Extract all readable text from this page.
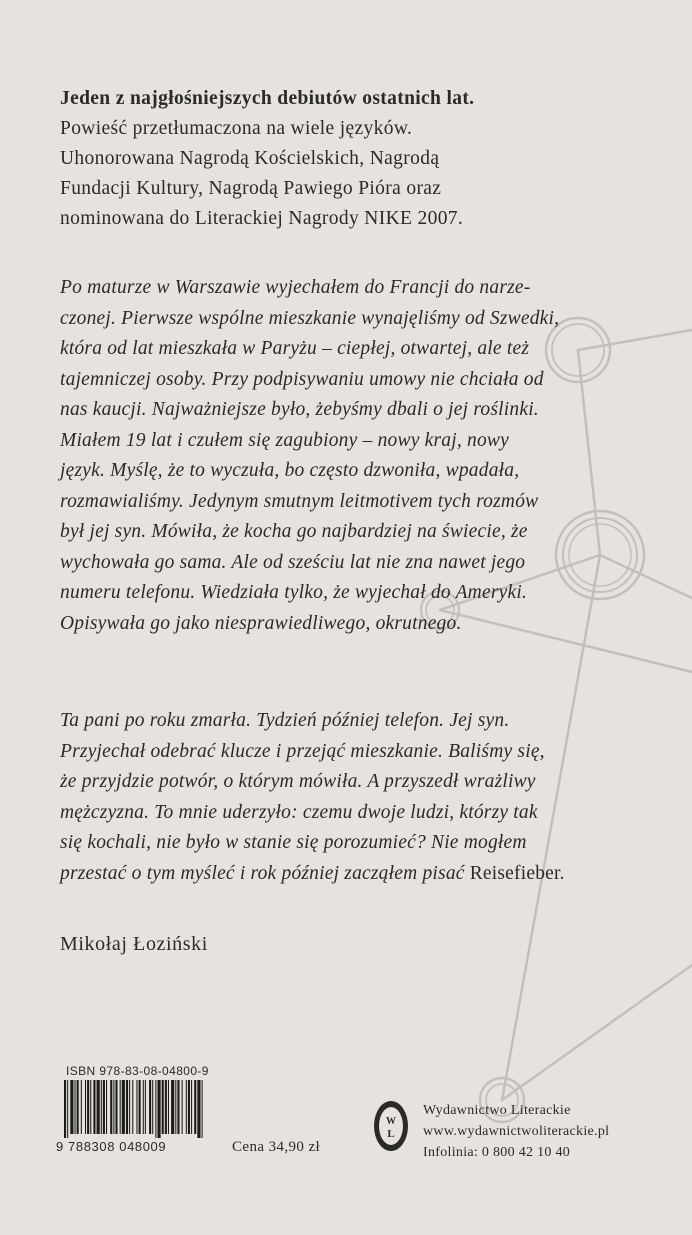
Jeden z najgłośniejszych debiutów ostatnich lat.
Powieść przetłumaczona na wiele języków.
Uhonorowana Nagrodą Kościelskich, Nagrodą
Fundacji Kultury, Nagrodą Pawiego Pióra oraz
nominowana do Literackiej Nagrody NIKE 2007.
Po maturze w Warszawie wyjechałem do Francji do narze-
czonej. Pierwsze wspólne mieszkanie wynajęliśmy od Szwedki,
która od lat mieszkała w Paryżu – ciepłej, otwartej, ale też
tajemniczej osoby. Przy podpisywaniu umowy nie chciała od
nas kaucji. Najważniejsze było, żebyśmy dbali o jej roślinki.
Miałem 19 lat i czułem się zagubiony – nowy kraj, nowy
język. Myślę, że to wyczuła, bo często dzwoniła, wpadała,
rozmawialiśmy. Jedynym smutnym leitmotivem tych rozmów
był jej syn. Mówiła, że kocha go najbardziej na świecie, że
wychowała go sama. Ale od sześciu lat nie zna nawet jego
numeru telefonu. Wiedziała tylko, że wyjechał do Ameryki.
Opisywała go jako niesprawiedliwego, okrutnego.
Ta pani po roku zmarła. Tydzień później telefon. Jej syn.
Przyjechał odebrać klucze i przejąć mieszkanie. Baliśmy się,
że przyjdzie potwór, o którym mówiła. A przyszedł wrażliwy
mężczyzna. To mnie uderzyło: czemu dwoje ludzi, którzy tak
się kochali, nie było w stanie się porozumieć? Nie mogłem
przestać o tym myśleć i rok później zacząłem pisać Reisefieber.
Mikołaj Łoziński
ISBN 978-83-08-04800-9
9 788308 048009	Cena 34,90 zł
W
L
Wydawnictwo Literackie
www.wydawnictwoliterackie.pl
Infolinia: 0 800 42 10 40
